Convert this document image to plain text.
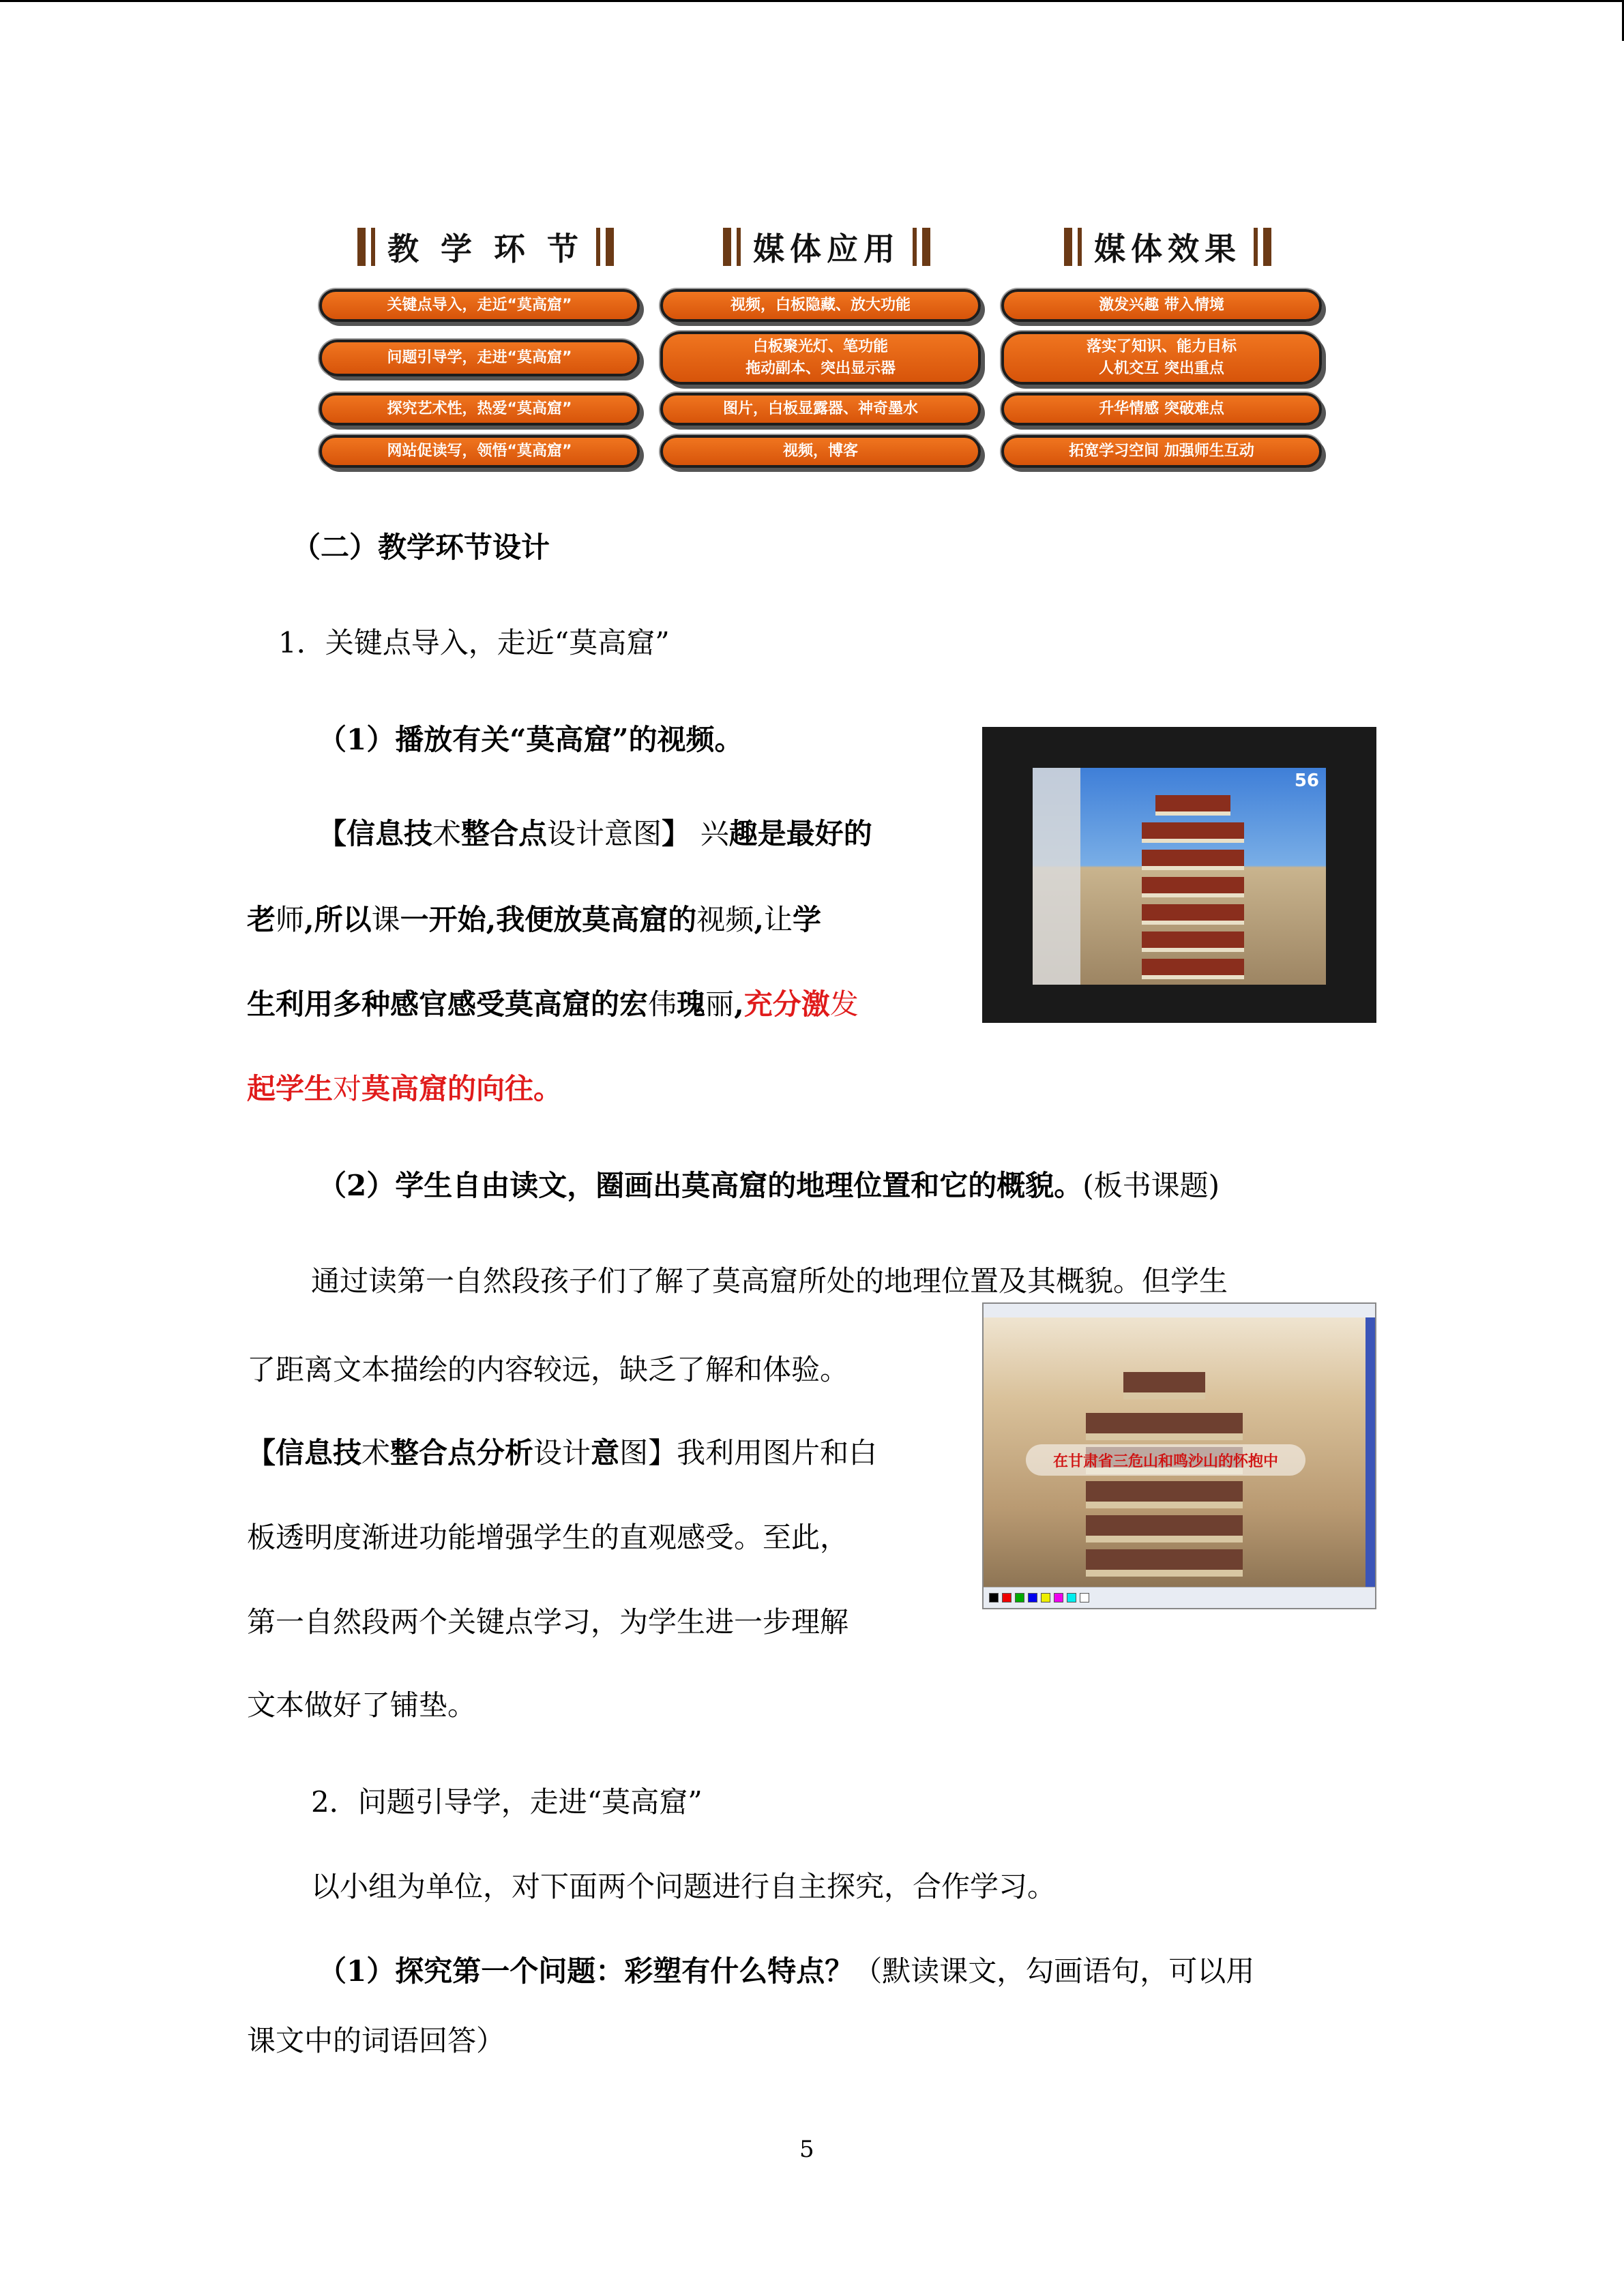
教 学 环 节
关键点导入，走近“莫高窟”
问题引导学，走进“莫高窟”
探究艺术性，热爱“莫高窟”
网站促读写，领悟“莫高窟”
媒体应用
视频，白板隐藏、放大功能
白板聚光灯、笔功能
拖动副本、突出显示器
图片，白板显露器、神奇墨水
视频，博客
媒体效果
激发兴趣 带入情境
落实了知识、能力目标
人机交互 突出重点
升华情感 突破难点
拓宽学习空间 加强师生互动
（二）教学环节设计
1．关键点导入，走近“莫高窟”
（1）播放有关“莫高窟”的视频。
【信息技术整合点设计意图】 兴趣是最好的
老师,所以课一开始,我便放莫高窟的视频,让学
生利用多种感官感受莫高窟的宏伟瑰丽,充分激发
起学生对莫高窟的向往。
（2）学生自由读文，圈画出莫高窟的地理位置和它的概貌。(板书课题)
通过读第一自然段孩子们了解了莫高窟所处的地理位置及其概貌。但学生
了距离文本描绘的内容较远，缺乏了解和体验。
【信息技术整合点分析设计意图】我利用图片和白
板透明度渐进功能增强学生的直观感受。至此，
第一自然段两个关键点学习，为学生进一步理解
文本做好了铺垫。
2．问题引导学，走进“莫高窟”
以小组为单位，对下面两个问题进行自主探究，合作学习。
（1）探究第一个问题：彩塑有什么特点？（默读课文，勾画语句，可以用
课文中的词语回答）
5
56
在甘肃省三危山和鸣沙山的怀抱中
